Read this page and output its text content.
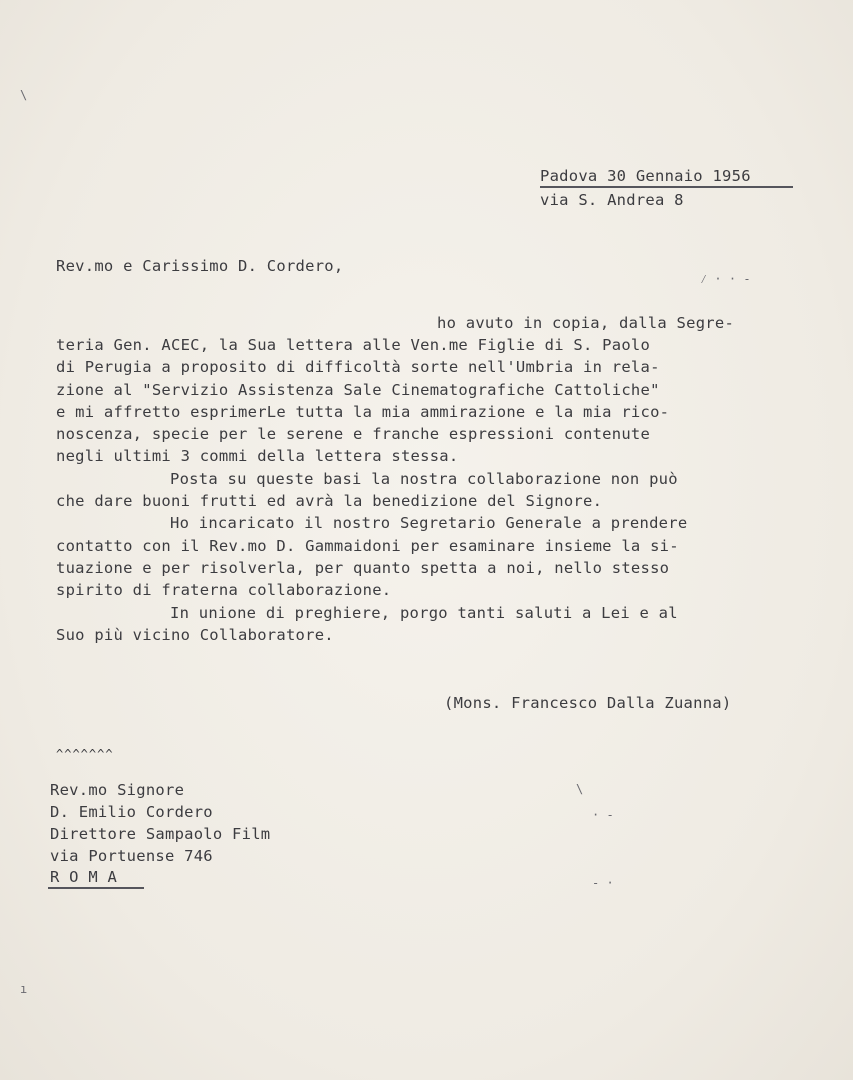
Padova 30 Gennaio 1956
via S. Andrea 8
Rev.mo e Carissimo D. Cordero,
⁄ · · -
ho avuto in copia, dalla Segre-
teria Gen. ACEC, la Sua lettera alle Ven.me Figlie di S. Paolo
di Perugia a proposito di difficoltà sorte nell'Umbria in rela-
zione al "Servizio Assistenza Sale Cinematografiche Cattoliche"
e mi affretto esprimerLe tutta la mia ammirazione e la mia rico-
noscenza, specie per le serene e franche espressioni contenute
negli ultimi 3 commi della lettera stessa.
Posta su queste basi la nostra collaborazione non può
che dare buoni frutti ed avrà la benedizione del Signore.
Ho incaricato il nostro Segretario Generale a prendere
contatto con il Rev.mo D. Gammaidoni per esaminare insieme la si-
tuazione e per risolverla, per quanto spetta a noi, nello stesso
spirito di fraterna collaborazione.
In unione di preghiere, porgo tanti saluti a Lei e al
Suo più vicino Collaboratore.
(Mons. Francesco Dalla Zuanna)
^^^^^^^
Rev.mo Signore
D. Emilio Cordero
Direttore Sampaolo Film
via Portuense 746
R O M A
\
· -
- ·
\
ı
